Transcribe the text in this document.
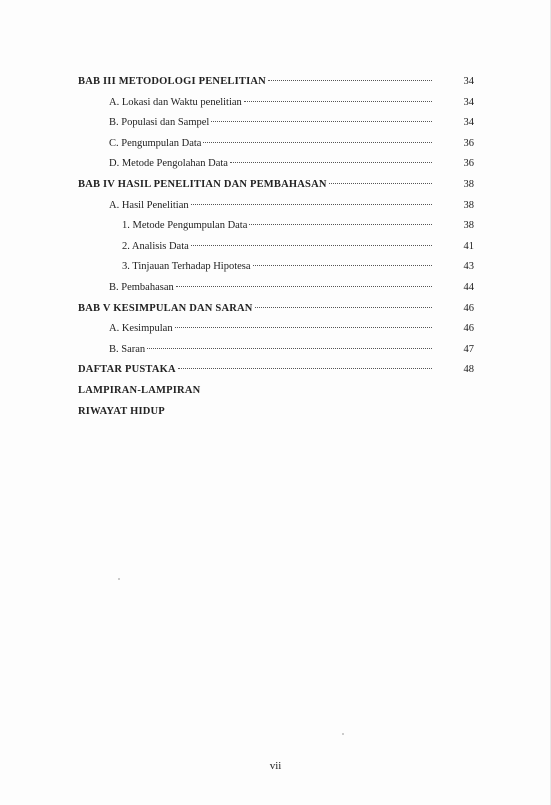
34
BAB III METODOLOGI PENELITIAN
34
A. Lokasi dan Waktu penelitian
34
B. Populasi dan Sampel
36
C. Pengumpulan Data
36
D. Metode Pengolahan Data
38
BAB IV HASIL PENELITIAN DAN PEMBAHASAN
38
A. Hasil Penelitian
38
1. Metode Pengumpulan Data
41
2. Analisis Data
43
3. Tinjauan Terhadap Hipotesa
44
B. Pembahasan
46
BAB V KESIMPULAN DAN SARAN
46
A. Kesimpulan
47
B. Saran
48
DAFTAR PUSTAKA
LAMPIRAN-LAMPIRAN
RIWAYAT HIDUP
vii
